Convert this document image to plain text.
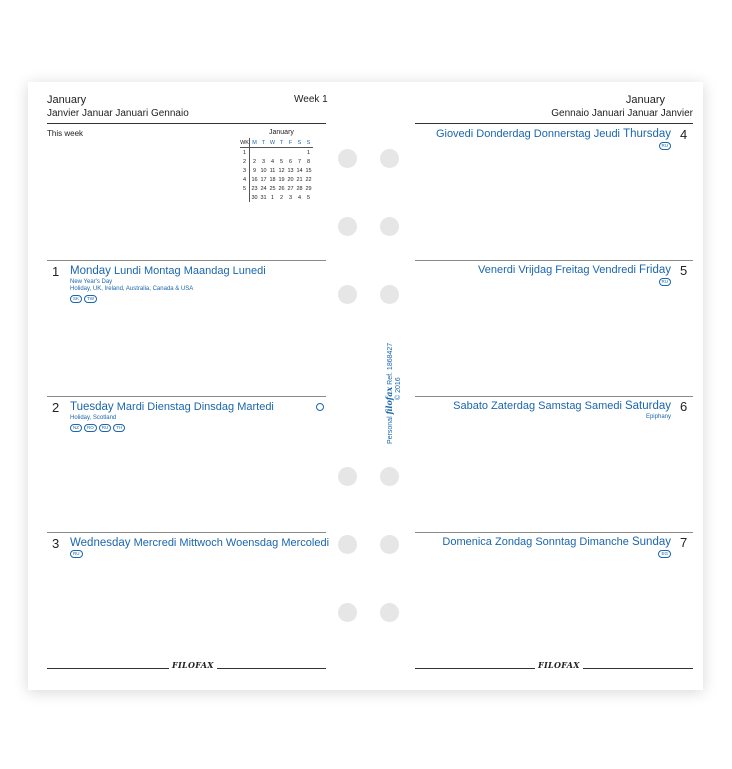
January
Janvier Januar Januari Gennaio
Week 1
This week	January
WK	M	T	W	T	F	S	S
1							1
2	2	3	4	5	6	7	8
3	9	10	11	12	13	14	15
4	16	17	18	19	20	21	22
5	23	24	25	26	27	28	29
	30	31	1	2	3	4	5
1 Monday Lundi Montag Maandag Lunedi
New Year's Day
Holiday, UK, Ireland, Australia, Canada & USA
SK	TW
2 Tuesday Mardi Dienstag Dinsdag Martedi
Holiday, Scotland
NZ	RO	RU	TH
3 Wednesday Mercredi Mittwoch Woensdag Mercoledi
RU
FILOFAX
Personal filofax Ref. 1868427
© 2016
January
Gennaio Januari Januar Janvier
Giovedi Donderdag Donnerstag Jeudi Thursday 4
RU
Venerdi Vrijdag Freitag Vendredi Friday 5
RU
Sabato Zaterdag Samstag Samedi Saturday 6
Epiphany
Domenica Zondag Sonntag Dimanche Sunday 7
EG
FILOFAX
